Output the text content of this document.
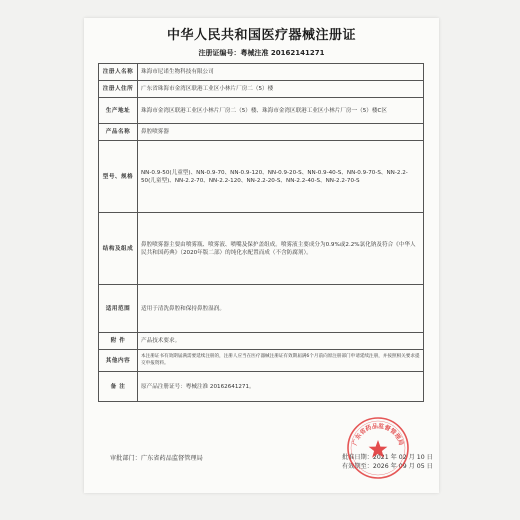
中华人民共和国医疗器械注册证
注册证编号：粤械注准 20162141271
注册人名称	珠海市尼诺生物科技有限公司
注册人住所	广东省珠海市金湾区联港工业区小林片厂房二（5）楼
生产地址	珠海市金湾区联港工业区小林片厂房二（5）楼、珠海市金湾区联港工业区小林片厂房一（5）楼C区
产品名称	鼻腔喷雾器
型号、规格	NN-0.9-50(儿童型)、NN-0.9-70、NN-0.9-120、NN-0.9-20-S、NN-0.9-40-S、NN-0.9-70-S、NN-2.2-50(儿童型)、NN-2.2-70、NN-2.2-120、NN-2.2-20-S、NN-2.2-40-S、NN-2.2-70-S
结构及组成	鼻腔喷雾器主要由喷雾瓶、喷雾液、喷嘴及保护盖组成。喷雾液主要成分为0.9%或2.2%氯化钠及符合《中华人民共和国药典》（2020年版二部）的纯化水配置而成（不含防腐剂）。
适用范围	适用于清洗鼻腔和保持鼻腔湿润。
附 件	产品技术要求。
其他内容	本注册证书有效期届满需要延续注册的，注册人应当在医疗器械注册证有效期届满6个月前向原注册部门申请延续注册，并按照相关要求提交申报资料。
备 注	原产品注册证号：粤械注准 20162641271。
审批部门：广东省药品监督管理局	批准日期：2021 年 02 月 10 日
有效期至：2026 年 09 月 05 日
广东省药品监督管理局
